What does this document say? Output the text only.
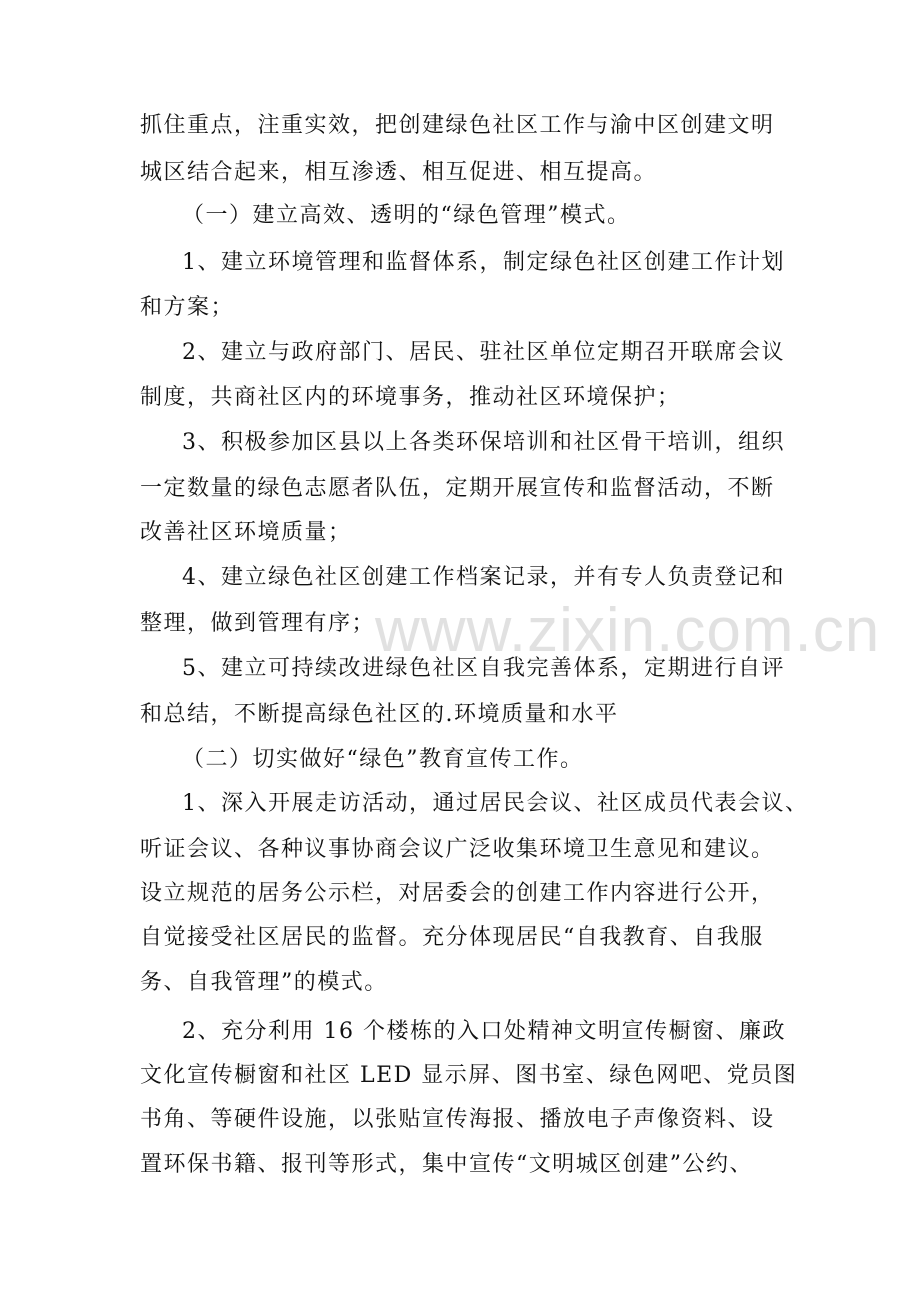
www.zixin.com.cn
抓住重点，注重实效，把创建绿色社区工作与渝中区创建文明
城区结合起来，相互渗透、相互促进、相互提高。
（一）建立高效、透明的“绿色管理”模式。
1、建立环境管理和监督体系，制定绿色社区创建工作计划
和方案；
2、建立与政府部门、居民、驻社区单位定期召开联席会议
制度，共商社区内的环境事务，推动社区环境保护；
3、积极参加区县以上各类环保培训和社区骨干培训，组织
一定数量的绿色志愿者队伍，定期开展宣传和监督活动，不断
改善社区环境质量；
4、建立绿色社区创建工作档案记录，并有专人负责登记和
整理，做到管理有序；
5、建立可持续改进绿色社区自我完善体系，定期进行自评
和总结，不断提高绿色社区的.环境质量和水平
（二）切实做好“绿色”教育宣传工作。
1、深入开展走访活动，通过居民会议、社区成员代表会议、
听证会议、各种议事协商会议广泛收集环境卫生意见和建议。
设立规范的居务公示栏，对居委会的创建工作内容进行公开，
自觉接受社区居民的监督。充分体现居民“自我教育、自我服
务、自我管理”的模式。
2、充分利用 16 个楼栋的入口处精神文明宣传橱窗、廉政
文化宣传橱窗和社区 LED 显示屏、图书室、绿色网吧、党员图
书角、等硬件设施，以张贴宣传海报、播放电子声像资料、设
置环保书籍、报刊等形式，集中宣传“文明城区创建”公约、
